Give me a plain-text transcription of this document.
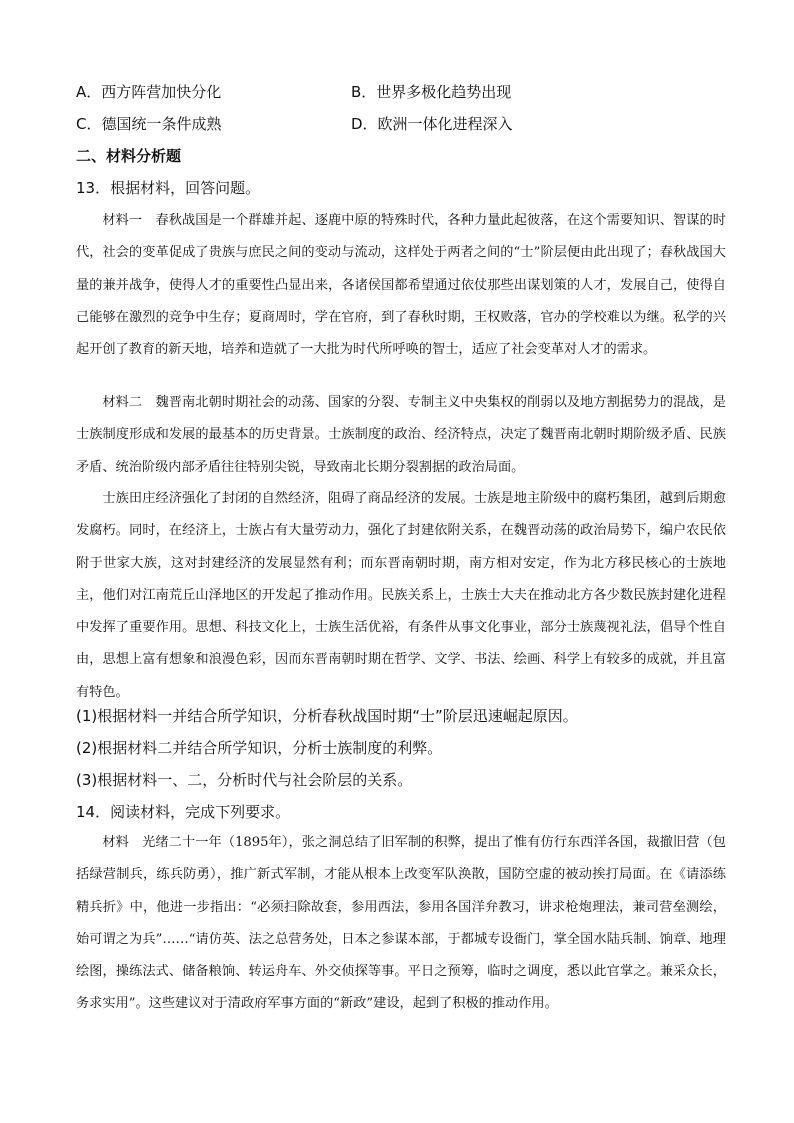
A．西方阵营加快分化	B．世界多极化趋势出现
C．德国统一条件成熟	D．欧洲一体化进程深入
二、材料分析题
13．根据材料，回答问题。

材料一　春秋战国是一个群雄并起、逐鹿中原的特殊时代，各种力量此起彼落，在这个需要知识、智谋的时代，社会的变革促成了贵族与庶民之间的变动与流动，这样处于两者之间的“士”阶层便由此出现了；春秋战国大量的兼并战争，使得人才的重要性凸显出来，各诸侯国都希望通过依仗那些出谋划策的人才，发展自己，使得自己能够在激烈的竞争中生存；夏商周时，学在官府，到了春秋时期，王权败落，官办的学校难以为继。私学的兴起开创了教育的新天地，培养和造就了一大批为时代所呼唤的智士，适应了社会变革对人才的需求。

材料二　魏晋南北朝时期社会的动荡、国家的分裂、专制主义中央集权的削弱以及地方割据势力的混战，是士族制度形成和发展的最基本的历史背景。士族制度的政治、经济特点，决定了魏晋南北朝时期阶级矛盾、民族矛盾、统治阶级内部矛盾往往特别尖锐，导致南北长期分裂割据的政治局面。

士族田庄经济强化了封闭的自然经济，阻碍了商品经济的发展。士族是地主阶级中的腐朽集团，越到后期愈发腐朽。同时，在经济上，士族占有大量劳动力，强化了封建依附关系，在魏晋动荡的政治局势下，编户农民依附于世家大族，这对封建经济的发展显然有利；而东晋南朝时期，南方相对安定，作为北方移民核心的士族地主，他们对江南荒丘山泽地区的开发起了推动作用。民族关系上，士族士大夫在推动北方各少数民族封建化进程中发挥了重要作用。思想、科技文化上，士族生活优裕，有条件从事文化事业，部分士族蔑视礼法，倡导个性自由，思想上富有想象和浪漫色彩，因而东晋南朝时期在哲学、文学、书法、绘画、科学上有较多的成就，并且富有特色。

(1)根据材料一并结合所学知识，分析春秋战国时期“士”阶层迅速崛起原因。
(2)根据材料二并结合所学知识，分析士族制度的利弊。
(3)根据材料一、二，分析时代与社会阶层的关系。
14．阅读材料，完成下列要求。

材料　光绪二十一年（1895年），张之洞总结了旧军制的积弊，提出了惟有仿行东西洋各国，裁撤旧营（包括绿营制兵，练兵防勇），推广新式军制，才能从根本上改变军队涣散，国防空虚的被动挨打局面。在《请添练精兵折》中，他进一步指出：“必须扫除故套，参用西法，参用各国洋弁教习，讲求枪炮理法，兼司营垒测绘，始可谓之为兵”……“请仿英、法之总营务处，日本之参谋本部，于都城专设衙门，掌全国水陆兵制、饷章、地理绘图，操练法式、储备粮饷、转运舟车、外交侦探等事。平日之预筹，临时之调度，悉以此官掌之。兼采众长，务求实用”。这些建议对于清政府军事方面的“新政”建设，起到了积极的推动作用。
